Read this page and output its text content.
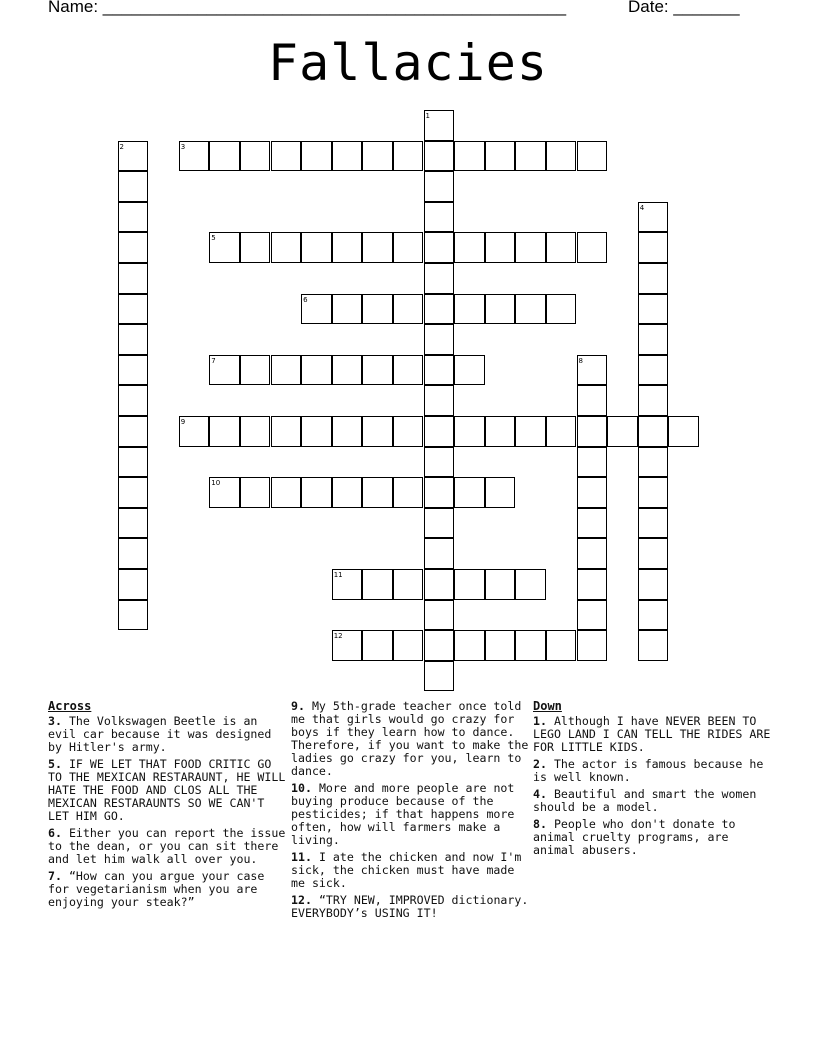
Name: _________________________________________________	Date: _______
Fallacies
1
2	3
4
5
6
7	8
9
10
11
12
Across
3. The Volkswagen Beetle is an evil car because it was designed by Hitler's army.
5. IF WE LET THAT FOOD CRITIC GO TO THE MEXICAN RESTARAUNT, HE WILL HATE THE FOOD AND CLOS ALL THE MEXICAN RESTARAUNTS SO WE CAN'T LET HIM GO.
6. Either you can report the issue to the dean, or you can sit there and let him walk all over you.
7. “How can you argue your case for vegetarianism when you are enjoying your steak?”
9. My 5th-grade teacher once told me that girls would go crazy for boys if they learn how to dance. Therefore, if you want to make the ladies go crazy for you, learn to dance.
10. More and more people are not buying produce because of the pesticides; if that happens more often, how will farmers make a living.
11. I ate the chicken and now I'm sick, the chicken must have made me sick.
12. “TRY NEW, IMPROVED dictionary. EVERYBODY’s USING IT!
Down
1. Although I have NEVER BEEN TO LEGO LAND I CAN TELL THE RIDES ARE FOR LITTLE KIDS.
2. The actor is famous because he is well known.
4. Beautiful and smart the women should be a model.
8. People who don't donate to animal cruelty programs, are animal abusers.
